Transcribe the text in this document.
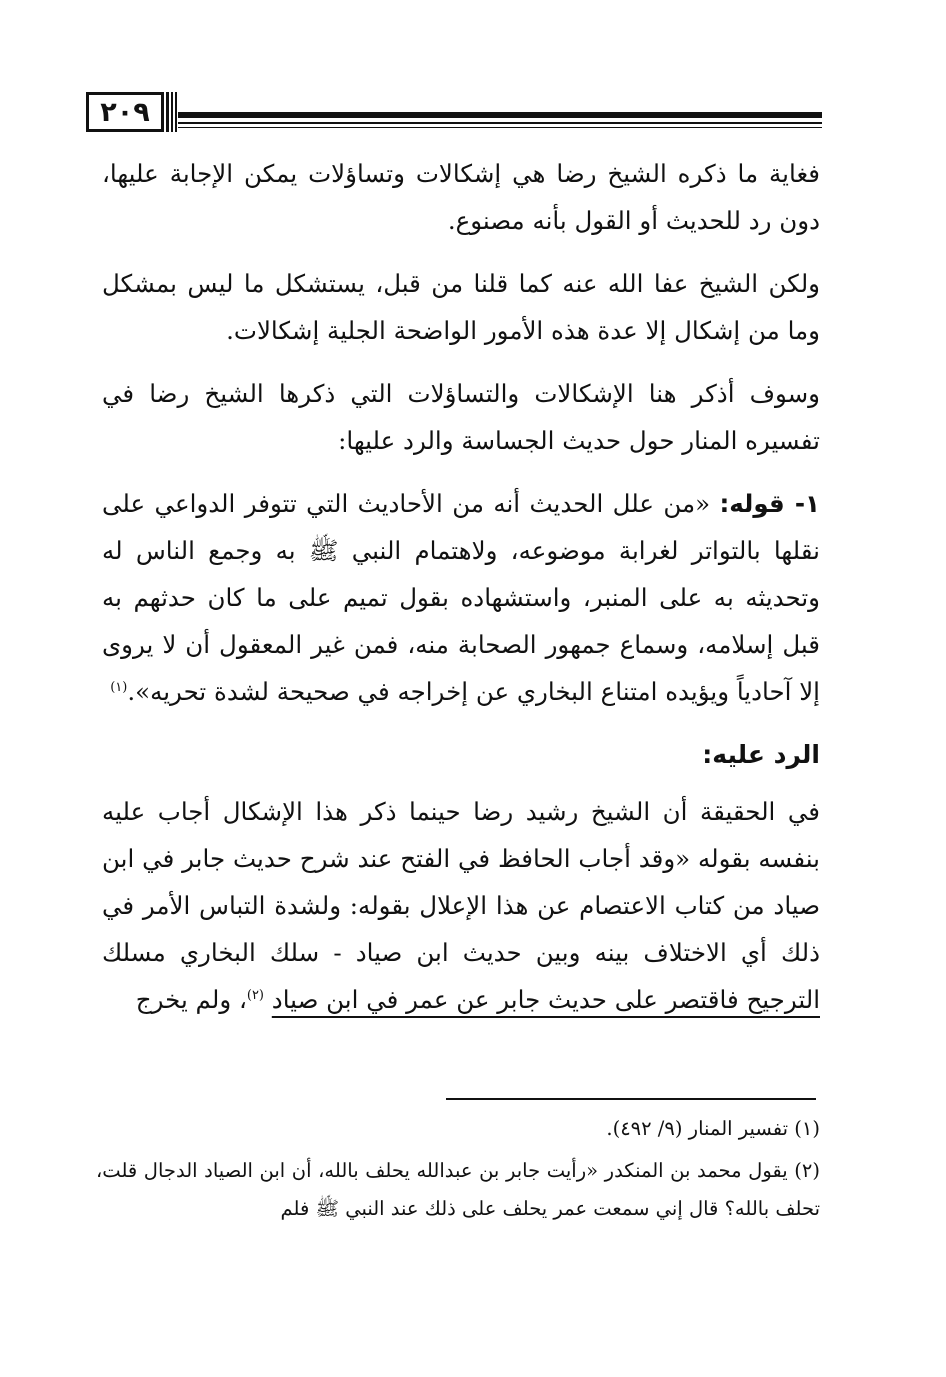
٢٠٩

فغاية ما ذكره الشيخ رضا هي إشكالات وتساؤلات يمكن الإجابة عليها، دون رد للحديث أو القول بأنه مصنوع.

ولكن الشيخ عفا الله عنه كما قلنا من قبل، يستشكل ما ليس بمشكل وما من إشكال إلا عدة هذه الأمور الواضحة الجلية إشكالات.

وسوف أذكر هنا الإشكالات والتساؤلات التي ذكرها الشيخ رضا في تفسيره المنار حول حديث الجساسة والرد عليها:

١- قوله: «من علل الحديث أنه من الأحاديث التي تتوفر الدواعي على نقلها بالتواتر لغرابة موضوعه، ولاهتمام النبي ﷺ به وجمع الناس له وتحديثه به على المنبر، واستشهاده بقول تميم على ما كان حدثهم به قبل إسلامه، وسماع جمهور الصحابة منه، فمن غير المعقول أن لا يروى إلا آحادياً ويؤيده امتناع البخاري عن إخراجه في صحيحة لشدة تحريه».$^{(١)}$

الرد عليه:

في الحقيقة أن الشيخ رشيد رضا حينما ذكر هذا الإشكال أجاب عليه بنفسه بقوله «وقد أجاب الحافظ في الفتح عند شرح حديث جابر في ابن صياد من كتاب الاعتصام عن هذا الإعلال بقوله: ولشدة التباس الأمر في ذلك أي الاختلاف بينه وبين حديث ابن صياد - سلك البخاري مسلك الترجيح فاقتصر على حديث جابر عن عمر في ابن صياد $^{(٢)}$، ولم يخرج

(١) تفسير المنار (٩/ ٤٩٢).

(٢) يقول محمد بن المنكدر «رأيت جابر بن عبدالله يحلف بالله، أن ابن الصياد الدجال قلت، تحلف بالله؟ قال إني سمعت عمر يحلف على ذلك عند النبي ﷺ فلم
